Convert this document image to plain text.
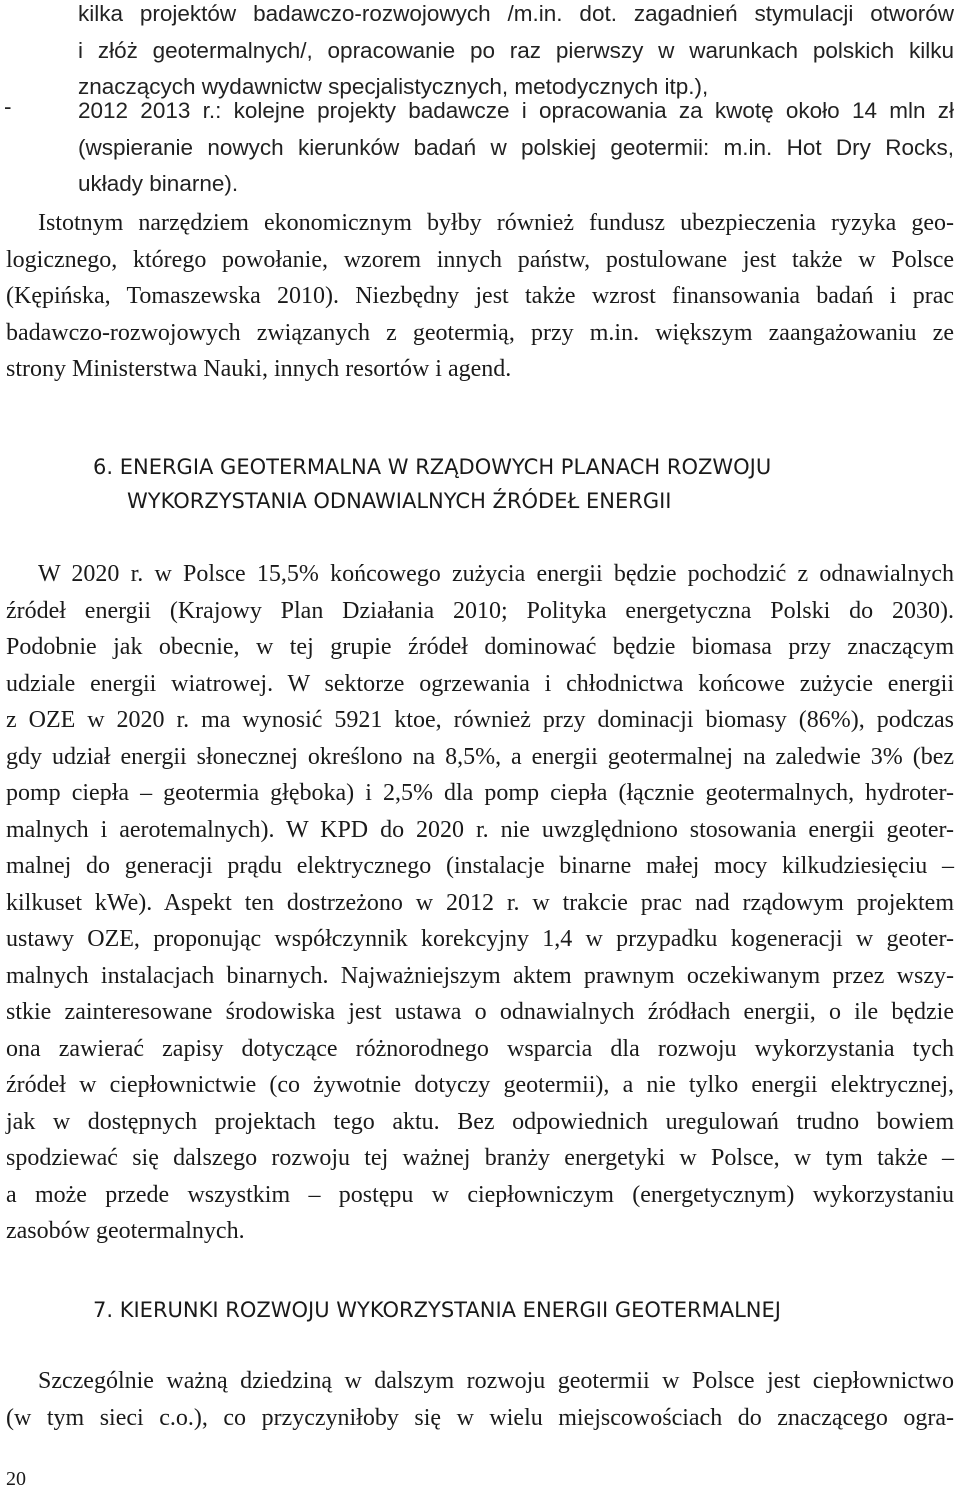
kilka projektów badawczo-rozwojowych /m.in. dot. zagadnień stymulacji otworów
i złóż geotermalnych/, opracowanie po raz pierwszy w warunkach polskich kilku
znaczących wydawnictw specjalistycznych, metodycznych itp.),
-	2012 2013 r.: kolejne projekty badawcze i opracowania za kwotę około 14 mln zł
(wspieranie nowych kierunków badań w polskiej geotermii: m.in. Hot Dry Rocks,
układy binarne).
Istotnym narzędziem ekonomicznym byłby również fundusz ubezpieczenia ryzyka geo-
logicznego, którego powołanie, wzorem innych państw, postulowane jest także w Polsce
(Kępińska, Tomaszewska 2010). Niezbędny jest także wzrost finansowania badań i prac
badawczo-rozwojowych związanych z geotermią, przy m.in. większym zaangażowaniu ze
strony Ministerstwa Nauki, innych resortów i agend.
6. ENERGIA GEOTERMALNA W RZĄDOWYCH PLANACH ROZWOJU
WYKORZYSTANIA ODNAWIALNYCH ŹRÓDEŁ ENERGII
W 2020 r. w Polsce 15,5% końcowego zużycia energii będzie pochodzić z odnawialnych
źródeł energii (Krajowy Plan Działania 2010; Polityka energetyczna Polski do 2030).
Podobnie jak obecnie, w tej grupie źródeł dominować będzie biomasa przy znaczącym
udziale energii wiatrowej. W sektorze ogrzewania i chłodnictwa końcowe zużycie energii
z OZE w 2020 r. ma wynosić 5921 ktoe, również przy dominacji biomasy (86%), podczas
gdy udział energii słonecznej określono na 8,5%, a energii geotermalnej na zaledwie 3% (bez
pomp ciepła – geotermia głęboka) i 2,5% dla pomp ciepła (łącznie geotermalnych, hydroter-
malnych i aerotemalnych). W KPD do 2020 r. nie uwzględniono stosowania energii geoter-
malnej do generacji prądu elektrycznego (instalacje binarne małej mocy kilkudziesięciu –
kilkuset kWe). Aspekt ten dostrzeżono w 2012 r. w trakcie prac nad rządowym projektem
ustawy OZE, proponując współczynnik korekcyjny 1,4 w przypadku kogeneracji w geoter-
malnych instalacjach binarnych. Najważniejszym aktem prawnym oczekiwanym przez wszy-
stkie zainteresowane środowiska jest ustawa o odnawialnych źródłach energii, o ile będzie
ona zawierać zapisy dotyczące różnorodnego wsparcia dla rozwoju wykorzystania tych
źródeł w ciepłownictwie (co żywotnie dotyczy geotermii), a nie tylko energii elektrycznej,
jak w dostępnych projektach tego aktu. Bez odpowiednich uregulowań trudno bowiem
spodziewać się dalszego rozwoju tej ważnej branży energetyki w Polsce, w tym także –
a może przede wszystkim – postępu w ciepłowniczym (energetycznym) wykorzystaniu
zasobów geotermalnych.
7. KIERUNKI ROZWOJU WYKORZYSTANIA ENERGII GEOTERMALNEJ
Szczególnie ważną dziedziną w dalszym rozwoju geotermii w Polsce jest ciepłownictwo
(w tym sieci c.o.), co przyczyniłoby się w wielu miejscowościach do znaczącego ogra-
20
